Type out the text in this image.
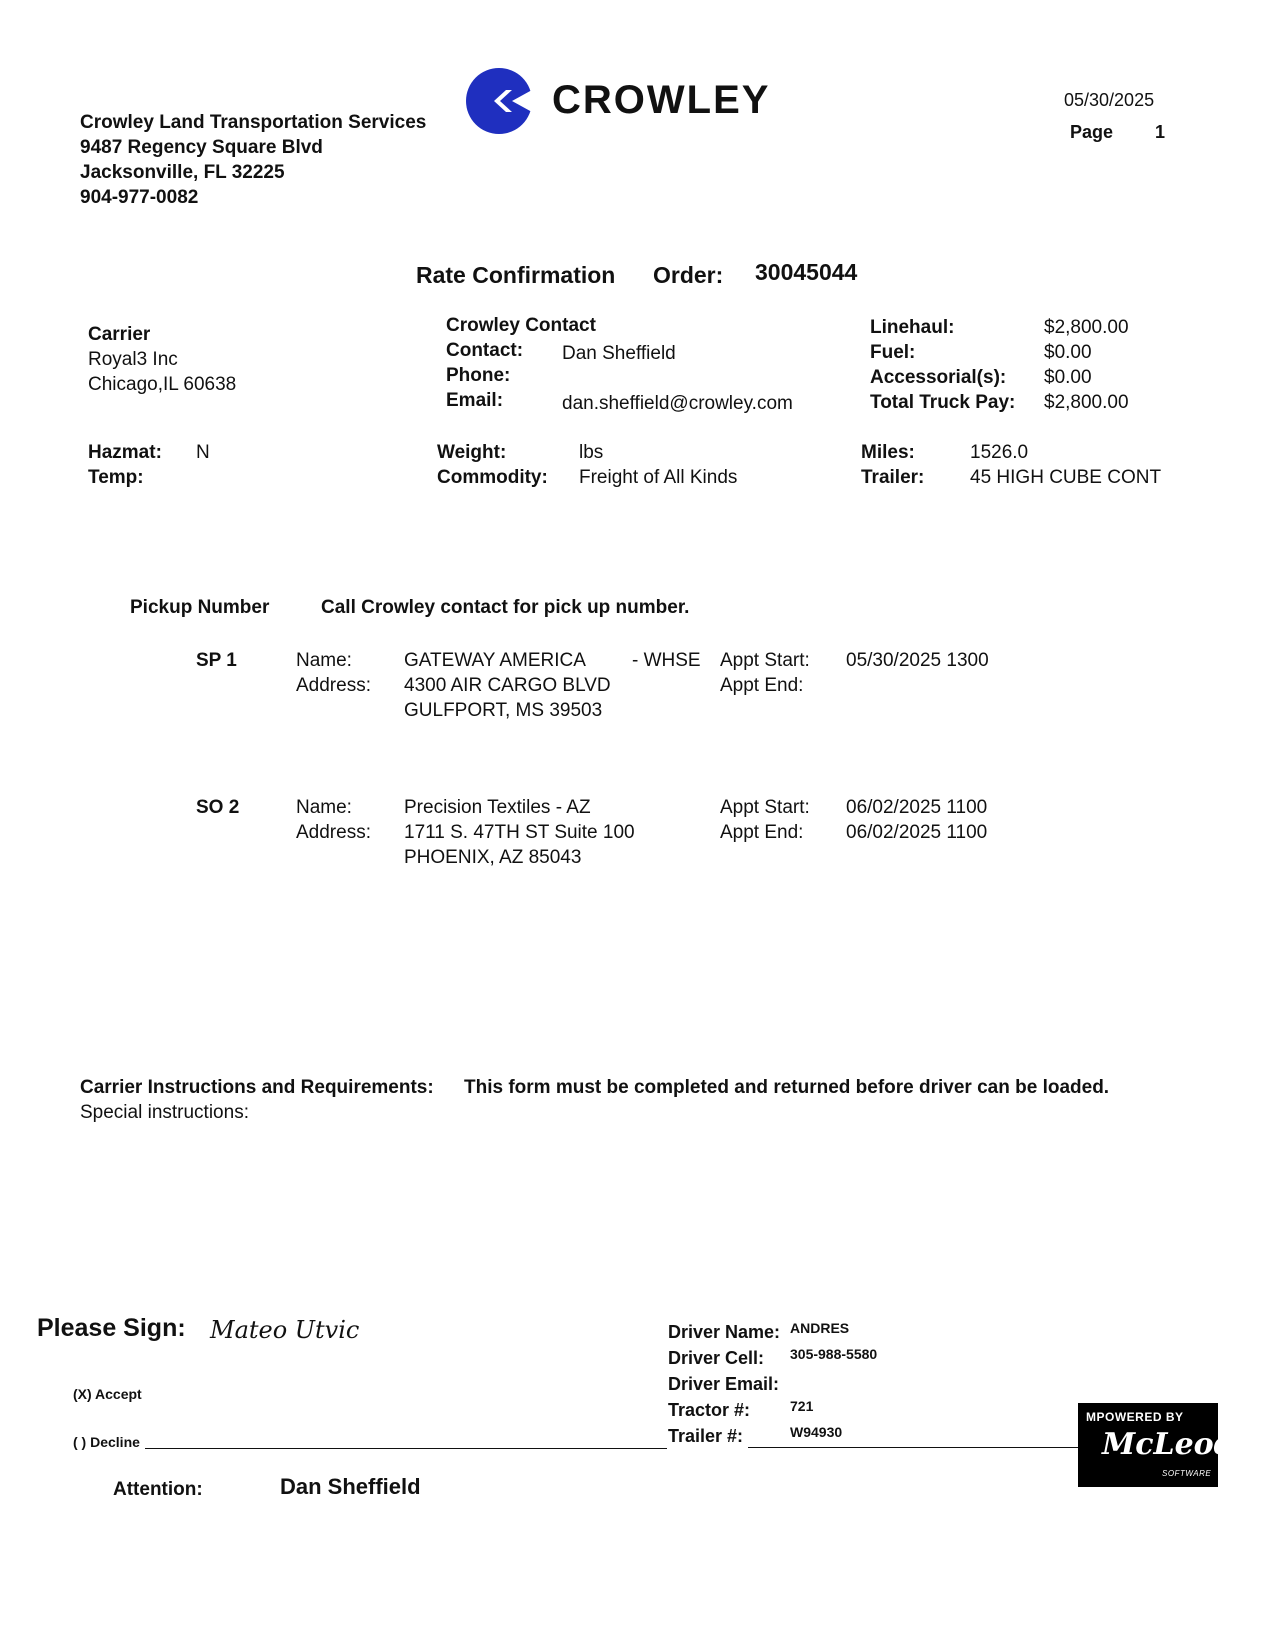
Crowley Land Transportation Services
9487 Regency Square Blvd
Jacksonville, FL 32225
904-977-0082
CROWLEY	05/30/2025
Page 1
Rate Confirmation Order: 30045044
Carrier
Royal3 Inc
Chicago,IL 60638
Crowley Contact
Contact: Dan Sheffield
Phone:
Email:	dan.sheffield@crowley.com
Linehaul:	$2,800.00
Fuel:	$0.00
Accessorial(s): $0.00
Total Truck Pay: $2,800.00
Hazmat: N
Temp:
Weight:	lbs
Commodity: Freight of All Kinds
Miles:	1526.0
Trailer: 45 HIGH CUBE CONT
Pickup Number	Call Crowley contact for pick up number.
SP 1	Name:	GATEWAY AMERICA - WHSE
Address: 4300 AIR CARGO BLVD
GULFPORT, MS 39503
Appt Start: 05/30/2025 1300
Appt End:
SO 2	Name:	Precision Textiles - AZ
Address: 1711 S. 47TH ST Suite 100
PHOENIX, AZ 85043
Appt Start: 06/02/2025 1100
Appt End: 06/02/2025 1100
Carrier Instructions and Requirements: This form must be completed and returned before driver can be loaded.
Special instructions:
Please Sign: Mateo Utvic
(X) Accept
( ) Decline
Attention:	Dan Sheffield
Driver Name: ANDRES
Driver Cell: 305-988-5580
Driver Email:
Tractor #:	721
Trailer #:	W94930
MPOWERED BY
McLeod
SOFTWARE
